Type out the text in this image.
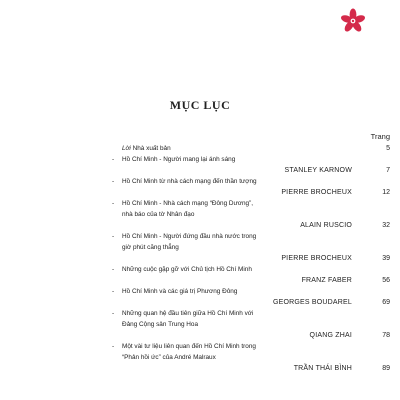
MỤC LỤC
Trang
Lời Nhà xuất bản	5
-	Hồ Chí Minh - Người mang lại ánh sáng
STANLEY KARNOW	7
-	Hồ Chí Minh từ nhà cách mạng đến thần tượng
PIERRE BROCHEUX	12
-	Hồ Chí Minh - Nhà cách mạng “Đông Dương”,
nhà báo của tờ Nhân đạo
ALAIN RUSCIO	32
-	Hồ Chí Minh - Người đứng đầu nhà nước trong
giờ phút căng thẳng
PIERRE BROCHEUX	39
-	Những cuộc gặp gỡ với Chủ tịch Hồ Chí Minh
FRANZ FABER	56
-	Hồ Chí Minh và các giá trị Phương Đông
GEORGES BOUDAREL	69
-	Những quan hệ đầu tiên giữa Hồ Chí Minh với
Đảng Cộng sản Trung Hoa
QIANG ZHAI	78
-	Một vài tư liệu liên quan đến Hồ Chí Minh trong
“Phản hồi ức” của André Malraux
TRẦN THÁI BÌNH	89
